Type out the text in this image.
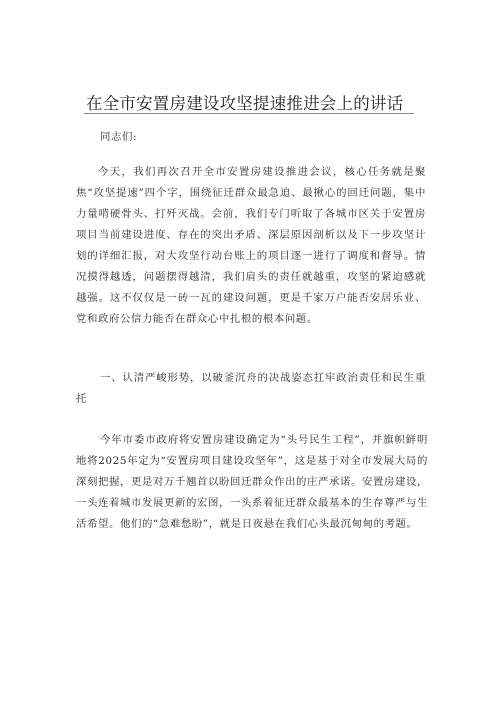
在全市安置房建设攻坚提速推进会上的讲话

同志们:

今天，我们再次召开全市安置房建设推进会议，核心任务就是聚焦“攻坚提速”四个字，围绕征迁群众最急迫、最揪心的回迁问题，集中力量啃硬骨头、打歼灭战。会前，我们专门听取了各城市区关于安置房项目当前建设进度、存在的突出矛盾、深层原因剖析以及下一步攻坚计划的详细汇报，对大攻坚行动台账上的项目逐一进行了调度和督导。情况摸得越透，问题摆得越清，我们肩头的责任就越重，攻坚的紧迫感就越强。这不仅仅是一砖一瓦的建设问题，更是千家万户能否安居乐业、党和政府公信力能否在群众心中扎根的根本问题。

一、认清严峻形势，以破釜沉舟的决战姿态扛牢政治责任和民生重托

今年市委市政府将安置房建设确定为“头号民生工程”，并旗帜鲜明地将2025年定为“安置房项目建设攻坚年”，这是基于对全市发展大局的深刻把握，更是对万千翘首以盼回迁群众作出的庄严承诺。安置房建设，一头连着城市发展更新的宏图，一头系着征迁群众最基本的生存尊严与生活希望。他们的“急难愁盼”，就是日夜悬在我们心头最沉甸甸的考题。
